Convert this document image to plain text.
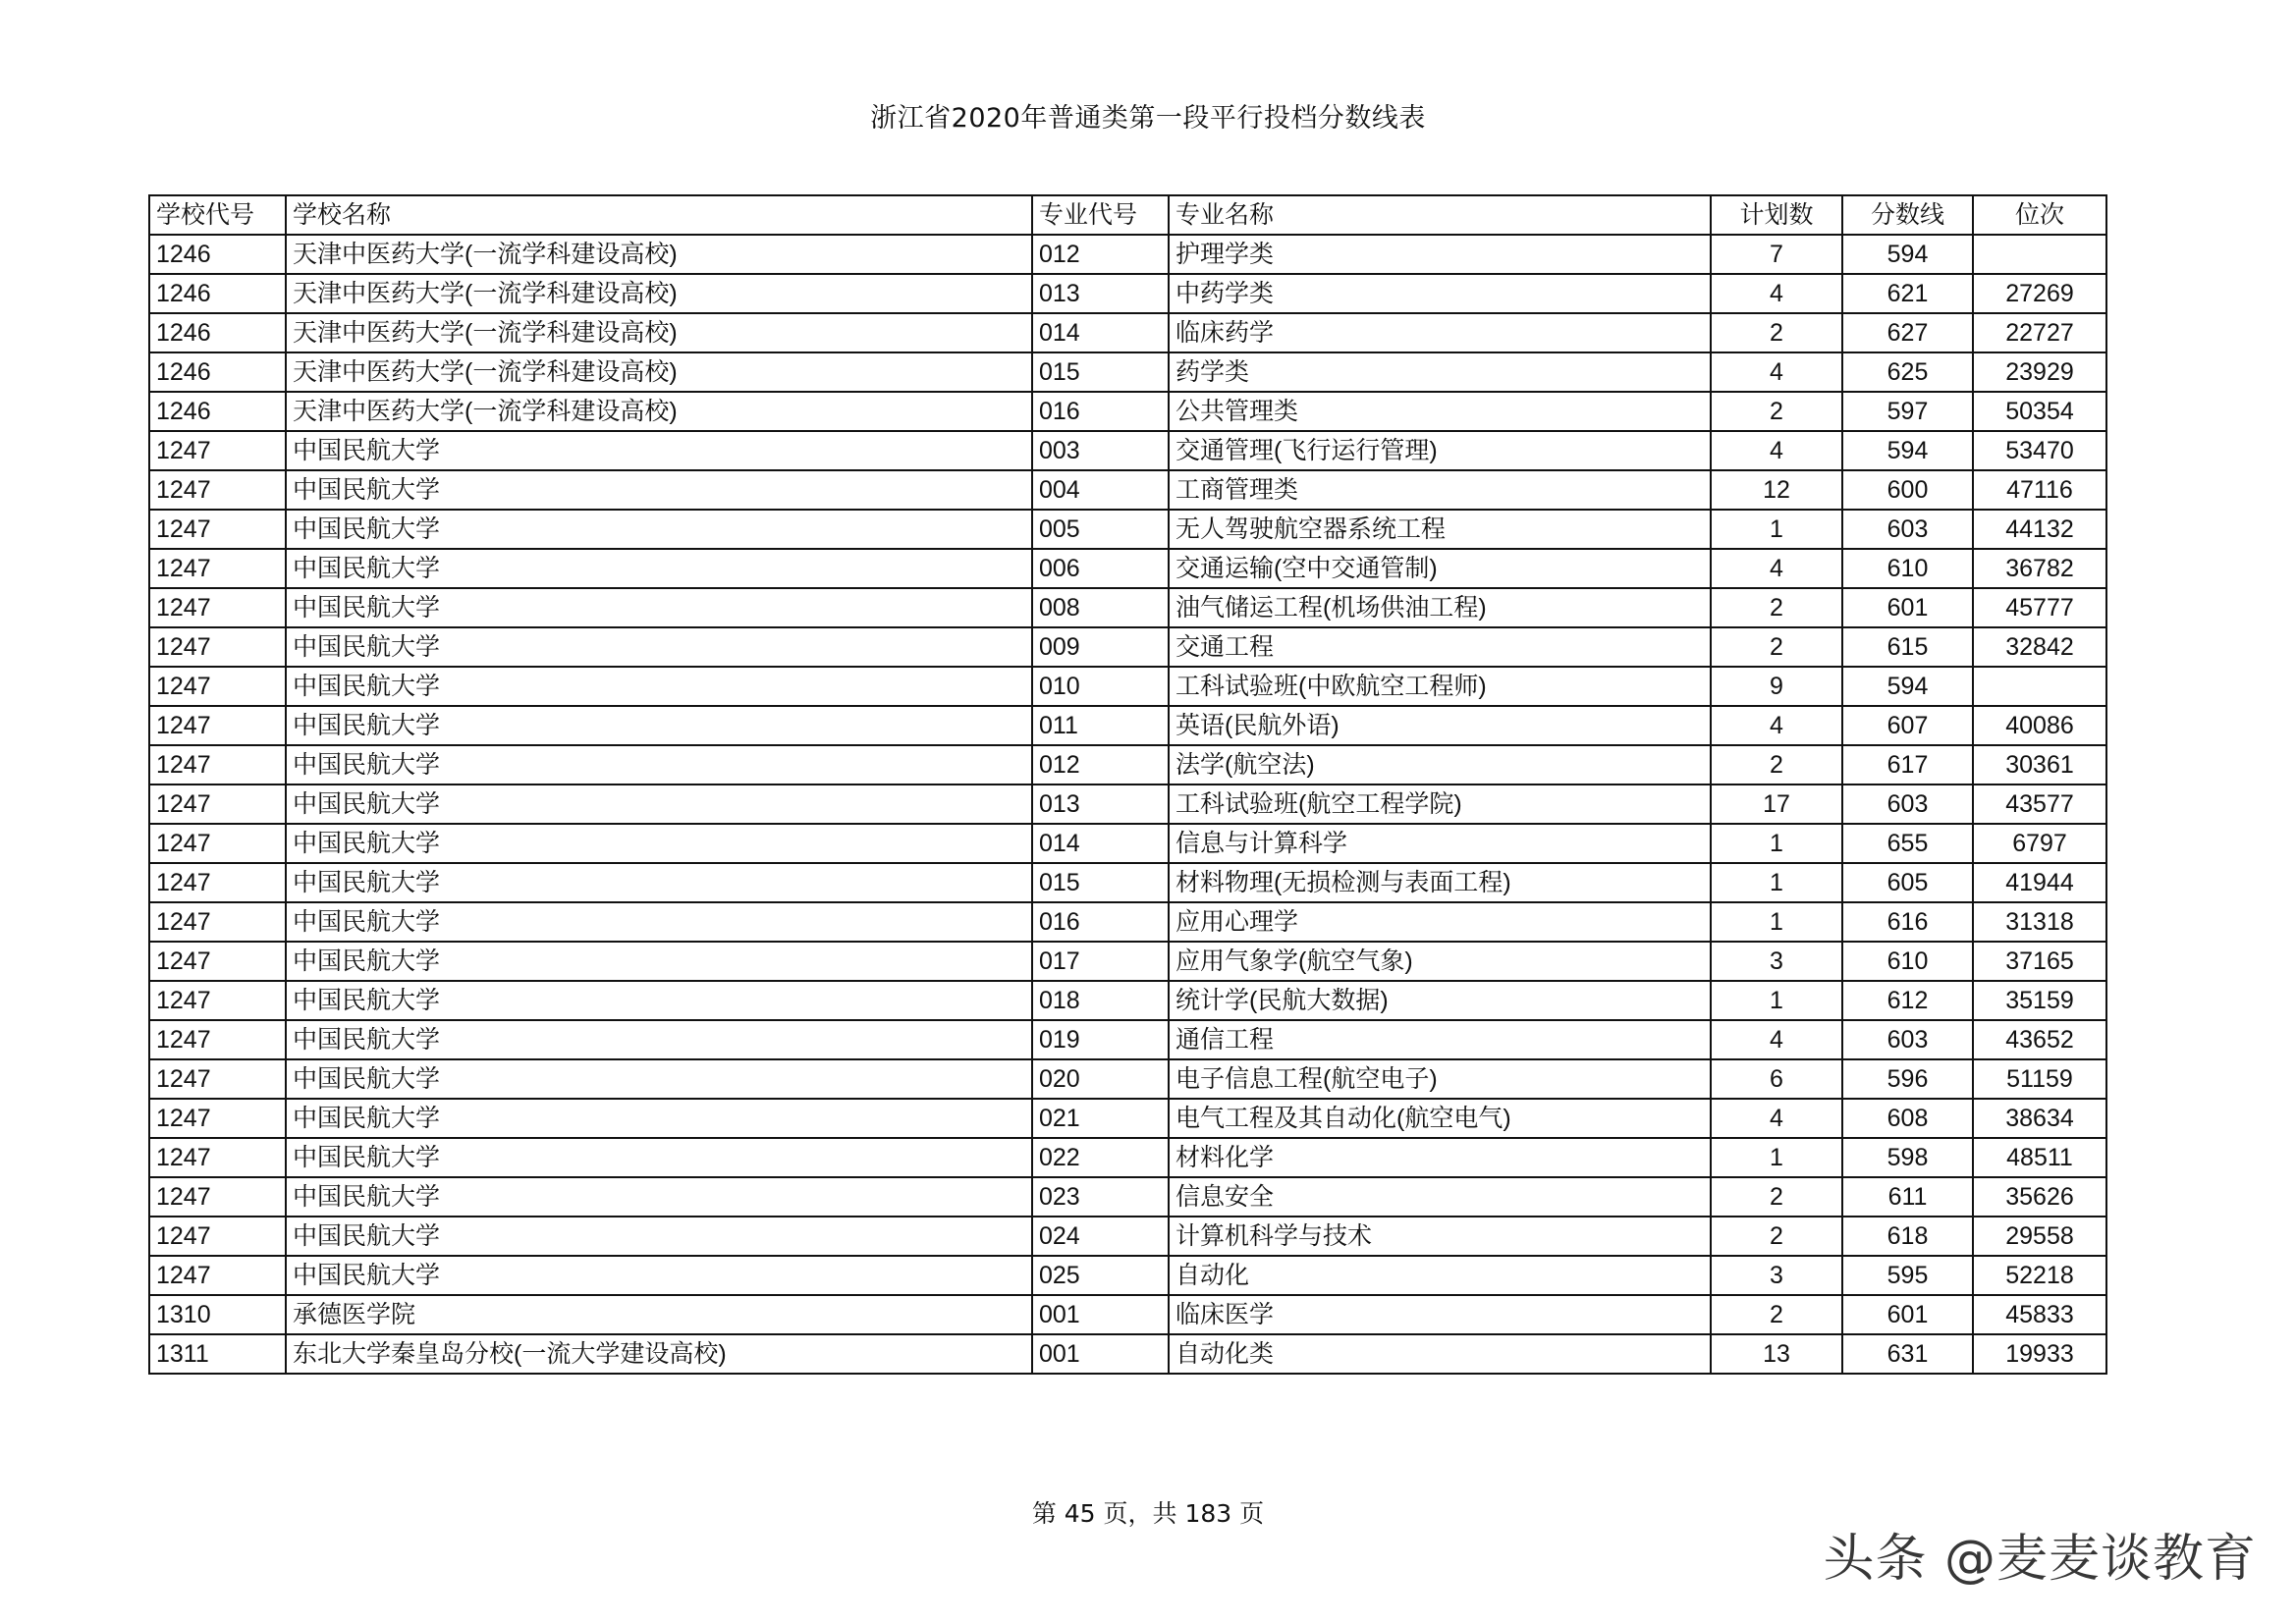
浙江省2020年普通类第一段平行投档分数线表
学校代号	学校名称	专业代号	专业名称	计划数	分数线	位次
1246	天津中医药大学(一流学科建设高校)	012	护理学类	7	594	
1246	天津中医药大学(一流学科建设高校)	013	中药学类	4	621	27269
1246	天津中医药大学(一流学科建设高校)	014	临床药学	2	627	22727
1246	天津中医药大学(一流学科建设高校)	015	药学类	4	625	23929
1246	天津中医药大学(一流学科建设高校)	016	公共管理类	2	597	50354
1247	中国民航大学	003	交通管理(飞行运行管理)	4	594	53470
1247	中国民航大学	004	工商管理类	12	600	47116
1247	中国民航大学	005	无人驾驶航空器系统工程	1	603	44132
1247	中国民航大学	006	交通运输(空中交通管制)	4	610	36782
1247	中国民航大学	008	油气储运工程(机场供油工程)	2	601	45777
1247	中国民航大学	009	交通工程	2	615	32842
1247	中国民航大学	010	工科试验班(中欧航空工程师)	9	594	
1247	中国民航大学	011	英语(民航外语)	4	607	40086
1247	中国民航大学	012	法学(航空法)	2	617	30361
1247	中国民航大学	013	工科试验班(航空工程学院)	17	603	43577
1247	中国民航大学	014	信息与计算科学	1	655	6797
1247	中国民航大学	015	材料物理(无损检测与表面工程)	1	605	41944
1247	中国民航大学	016	应用心理学	1	616	31318
1247	中国民航大学	017	应用气象学(航空气象)	3	610	37165
1247	中国民航大学	018	统计学(民航大数据)	1	612	35159
1247	中国民航大学	019	通信工程	4	603	43652
1247	中国民航大学	020	电子信息工程(航空电子)	6	596	51159
1247	中国民航大学	021	电气工程及其自动化(航空电气)	4	608	38634
1247	中国民航大学	022	材料化学	1	598	48511
1247	中国民航大学	023	信息安全	2	611	35626
1247	中国民航大学	024	计算机科学与技术	2	618	29558
1247	中国民航大学	025	自动化	3	595	52218
1310	承德医学院	001	临床医学	2	601	45833
1311	东北大学秦皇岛分校(一流大学建设高校)	001	自动化类	13	631	19933
第 45 页，共 183 页
头条 @麦麦谈教育
